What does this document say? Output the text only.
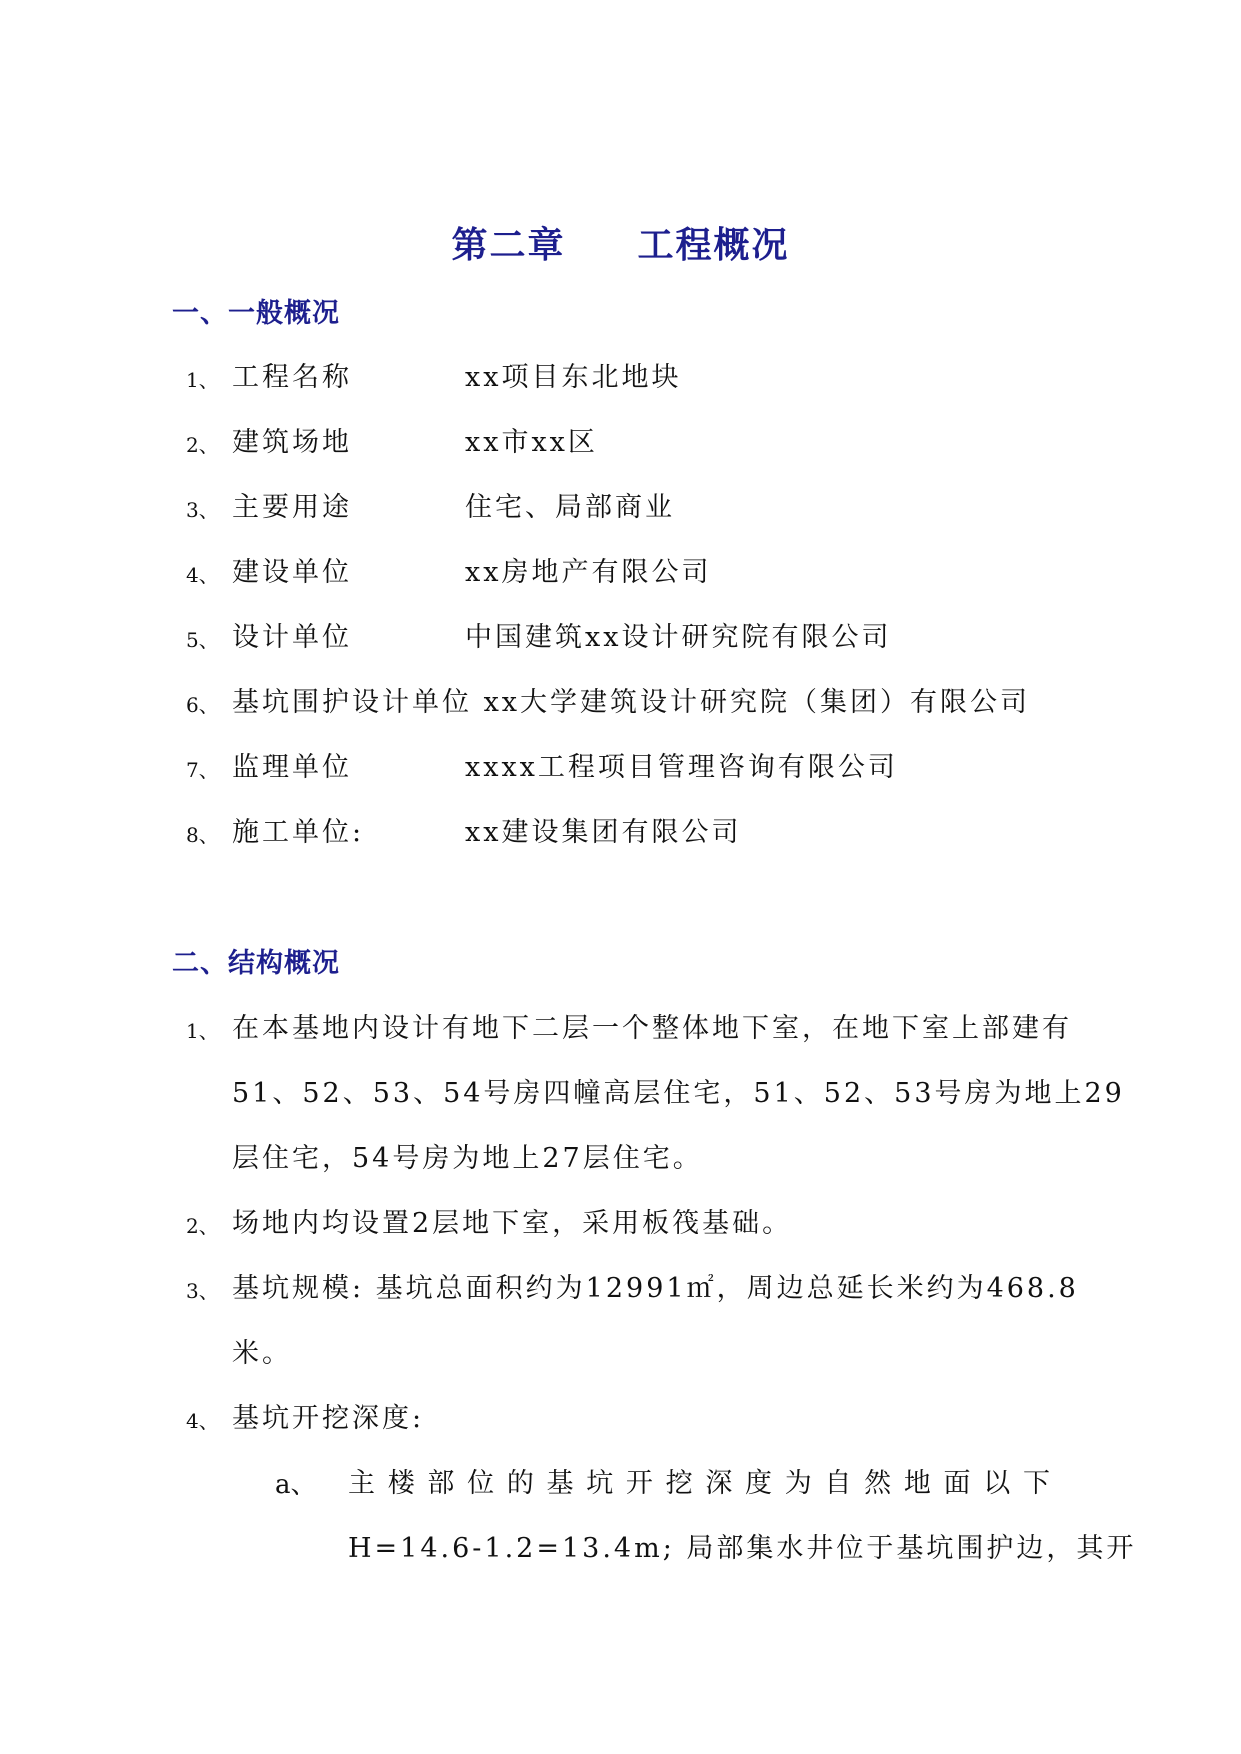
第二章 工程概况
一、一般概况
1、 工程名称	xx项目东北地块
2、 建筑场地	xx市xx区
3、 主要用途	住宅、局部商业
4、 建设单位	xx房地产有限公司
5、 设计单位	中国建筑xx设计研究院有限公司
6、 基坑围护设计单位 xx大学建筑设计研究院（集团）有限公司
7、 监理单位	xxxx工程项目管理咨询有限公司
8、 施工单位:	xx建设集团有限公司
二、结构概况
1、 在本基地内设计有地下二层一个整体地下室，在地下室上部建有
51、52、53、54号房四幢高层住宅，51、52、53号房为地上29
层住宅，54号房为地上27层住宅。
2、 场地内均设置2层地下室，采用板筏基础。
3、 基坑规模: 基坑总面积约为12991㎡，周边总延长米约为468.8
米。
4、 基坑开挖深度:
a、 主 楼 部 位 的 基 坑 开 挖 深 度 为 自 然 地 面 以 下
H=14.6-1.2=13.4m; 局部集水井位于基坑围护边，其开
